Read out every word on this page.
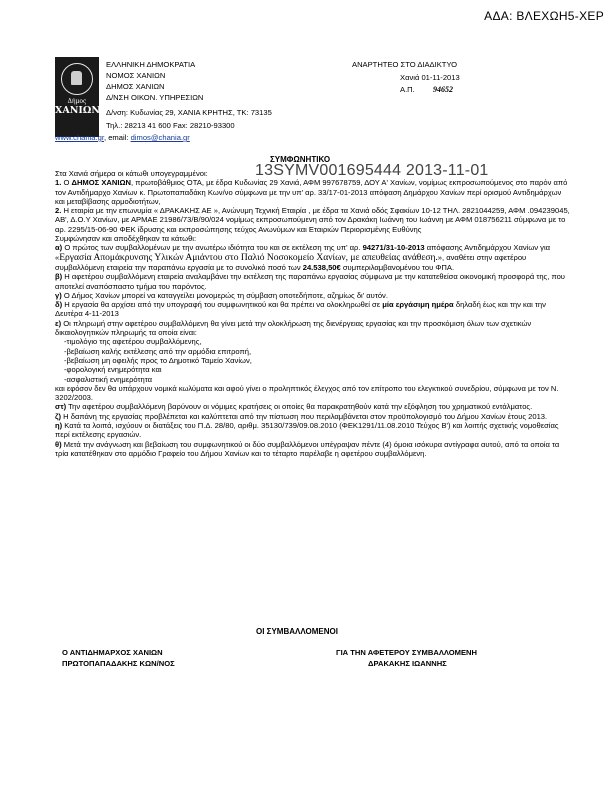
ΑΔΑ: ΒΛΕΧΩΗ5-ΧΕΡ
Δήμος
ΧΑΝΙΩΝ
ΕΛΛΗΝΙΚΗ ΔΗΜΟΚΡΑΤΙΑ
ΝΟΜΟΣ ΧΑΝΙΩΝ
ΔΗΜΟΣ ΧΑΝΙΩΝ
Δ/ΝΣΗ ΟΙΚΟΝ. ΥΠΗΡΕΣΙΩΝ
Δ/νση: Κυδωνίας 29, ΧΑΝΙΑ ΚΡΗΤΗΣ, ΤΚ: 73135
Τηλ.: 28213 41 600 Fax: 28210-93300
www.chania.gr, email: dimos@chania.gr
ΑΝΑΡΤΗΤΕΟ ΣΤΟ ΔΙΑΔΙΚΤΥΟ
Χανιά 01-11-2013
Α.Π. 94652
ΣΥΜΦΩΝΗΤΙΚΟ
13SYMV001695444 2013-11-01
Στα Χανιά σήμερα οι κάτωθι υπογεγραμμένοι:
1. Ο ΔΗΜΟΣ ΧΑΝΙΩΝ, πρωτοβάθμιος ΟΤΑ, με έδρα Κυδωνίας 29 Χανιά, ΑΦΜ 997678759, ΔΟΥ Α' Χανίων, νομίμως εκπροσωπούμενος στο παρόν από τον Αντιδήμαρχο Χανίων κ. Πρωτοπαπαδάκη Κων/νο σύμφωνα με την υπ' αρ. 33/17-01-2013 απόφαση Δημάρχου Χανίων περί ορισμού Αντιδημάρχων και μεταβίβασης αρμοδιοτήτων,
2. Η εταιρία με την επωνυμία « ΔΡΑΚΑΚΗΣ ΑΕ », Ανώνυμη Τεχνική Εταιρία , με έδρα τα Χανιά οδός Σφακίων 10-12 ΤΗΛ. 2821044259, ΑΦΜ .094239045, ΑΒ', Δ.Ο.Υ Χανίων, με ΑΡΜΑΕ 21986/73/Β/90/024 νομίμως εκπροσωπούμενη από τον Δρακάκη Ιωάννη του Ιωάννη με ΑΦΜ 018756211 σύμφωνα με το αρ. 2295/15-06-90 ΦΕΚ ίδρυσης και εκπροσώπησης τεύχος Ανωνύμων και Εταιριών Περιορισμένης Ευθύνης
Συμφώνησαν και αποδέχθηκαν τα κάτωθι:
α) Ο πρώτος των συμβαλλομένων με την ανωτέρω ιδιότητα του και σε εκτέλεση της υπ' αρ. 94271/31-10-2013 απόφασης Αντιδημάρχου Χανίων για «Εργασία Απομάκρυνσης Υλικών Αμιάντου στο Παλιό Νοσοκομείο Χανίων, με απευθείας ανάθεση.», αναθέτει στην αφετέρου συμβαλλόμενη εταιρεία την παραπάνω εργασία με το συνολικό ποσό των 24.538,50€ συμπεριλαμβανομένου του ΦΠΑ.
β) Η αφετέρου συμβαλλόμενη εταιρεία αναλαμβάνει την εκτέλεση της παραπάνω εργασίας σύμφωνα με την κατατεθείσα οικονομική προσφορά της, που αποτελεί αναπόσπαστο τμήμα του παρόντος.
γ) Ο Δήμος Χανίων μπορεί να καταγγείλει μονομερώς τη σύμβαση οποτεδήποτε, αζημίως δι' αυτόν.
δ) Η εργασία θα αρχίσει από την υπογραφή του συμφωνητικού και θα πρέπει να ολοκληρωθεί σε μία εργάσιμη ημέρα δηλαδή έως και την και την Δευτέρα 4-11-2013
ε) Οι πληρωμή στην αφετέρου συμβαλλόμενη θα γίνει μετά την ολοκλήρωση της διενέργειας εργασίας και την προσκόμιση όλων των σχετικών δικαιολογητικών πληρωμής τα οποία είναι:
-τιμολόγιο της αφετέρου συμβαλλόμενης,
-βεβαίωση καλής εκτέλεσης από την αρμόδια επιτροπή,
-βεβαίωση μη οφειλής προς το Δημοτικό Ταμείο Χανίων,
-φορολογική ενημερότητα και
-ασφαλιστική ενημερότητα
και εφόσον δεν θα υπάρχουν νομικά κωλύματα και αφού γίνει ο προληπτικός έλεγχος από τον επίτροπο του ελεγκτικού συνεδρίου, σύμφωνα με τον Ν. 3202/2003.
στ) Την αφετέρου συμβαλλόμενη βαρύνουν οι νόμιμες κρατήσεις οι οποίες θα παρακρατηθούν κατά την εξόφληση του χρηματικού εντάλματος.
ζ) Η δαπάνη της εργασίας προβλέπεται και καλύπτεται από την πίστωση που περιλαμβάνεται στον προϋπολογισμό του Δήμου Χανίων έτους 2013.
η) Κατά τα λοιπά, ισχύουν οι διατάξεις του Π.Δ. 28/80, αριθμ. 35130/739/09.08.2010 (ΦΕΚ1291/11.08.2010 Τεύχος Β') και λοιπής σχετικής νομοθεσίας περί εκτέλεσης εργασιών.
θ) Μετά την ανάγνωση και βεβαίωση του συμφωνητικού οι δύο συμβαλλόμενοι υπέγραψαν πέντε (4) όμοια ισόκυρα αντίγραφα αυτού, από τα οποία τα τρία κατατέθηκαν στο αρμόδιο Γραφείο του Δήμου Χανίων και το τέταρτο παρέλαβε η αφετέρου συμβαλλόμενη.
ΟΙ ΣΥΜΒΑΛΛΟΜΕΝΟΙ
Ο ΑΝΤΙΔΗΜΑΡΧΟΣ ΧΑΝΙΩΝ
ΠΡΩΤΟΠΑΠΑΔΑΚΗΣ ΚΩΝ/ΝΟΣ
ΓΙΑ ΤΗΝ ΑΦΕΤΕΡΟΥ ΣΥΜΒΑΛΛΟΜΕΝΗ
ΔΡΑΚΑΚΗΣ ΙΩΑΝΝΗΣ
